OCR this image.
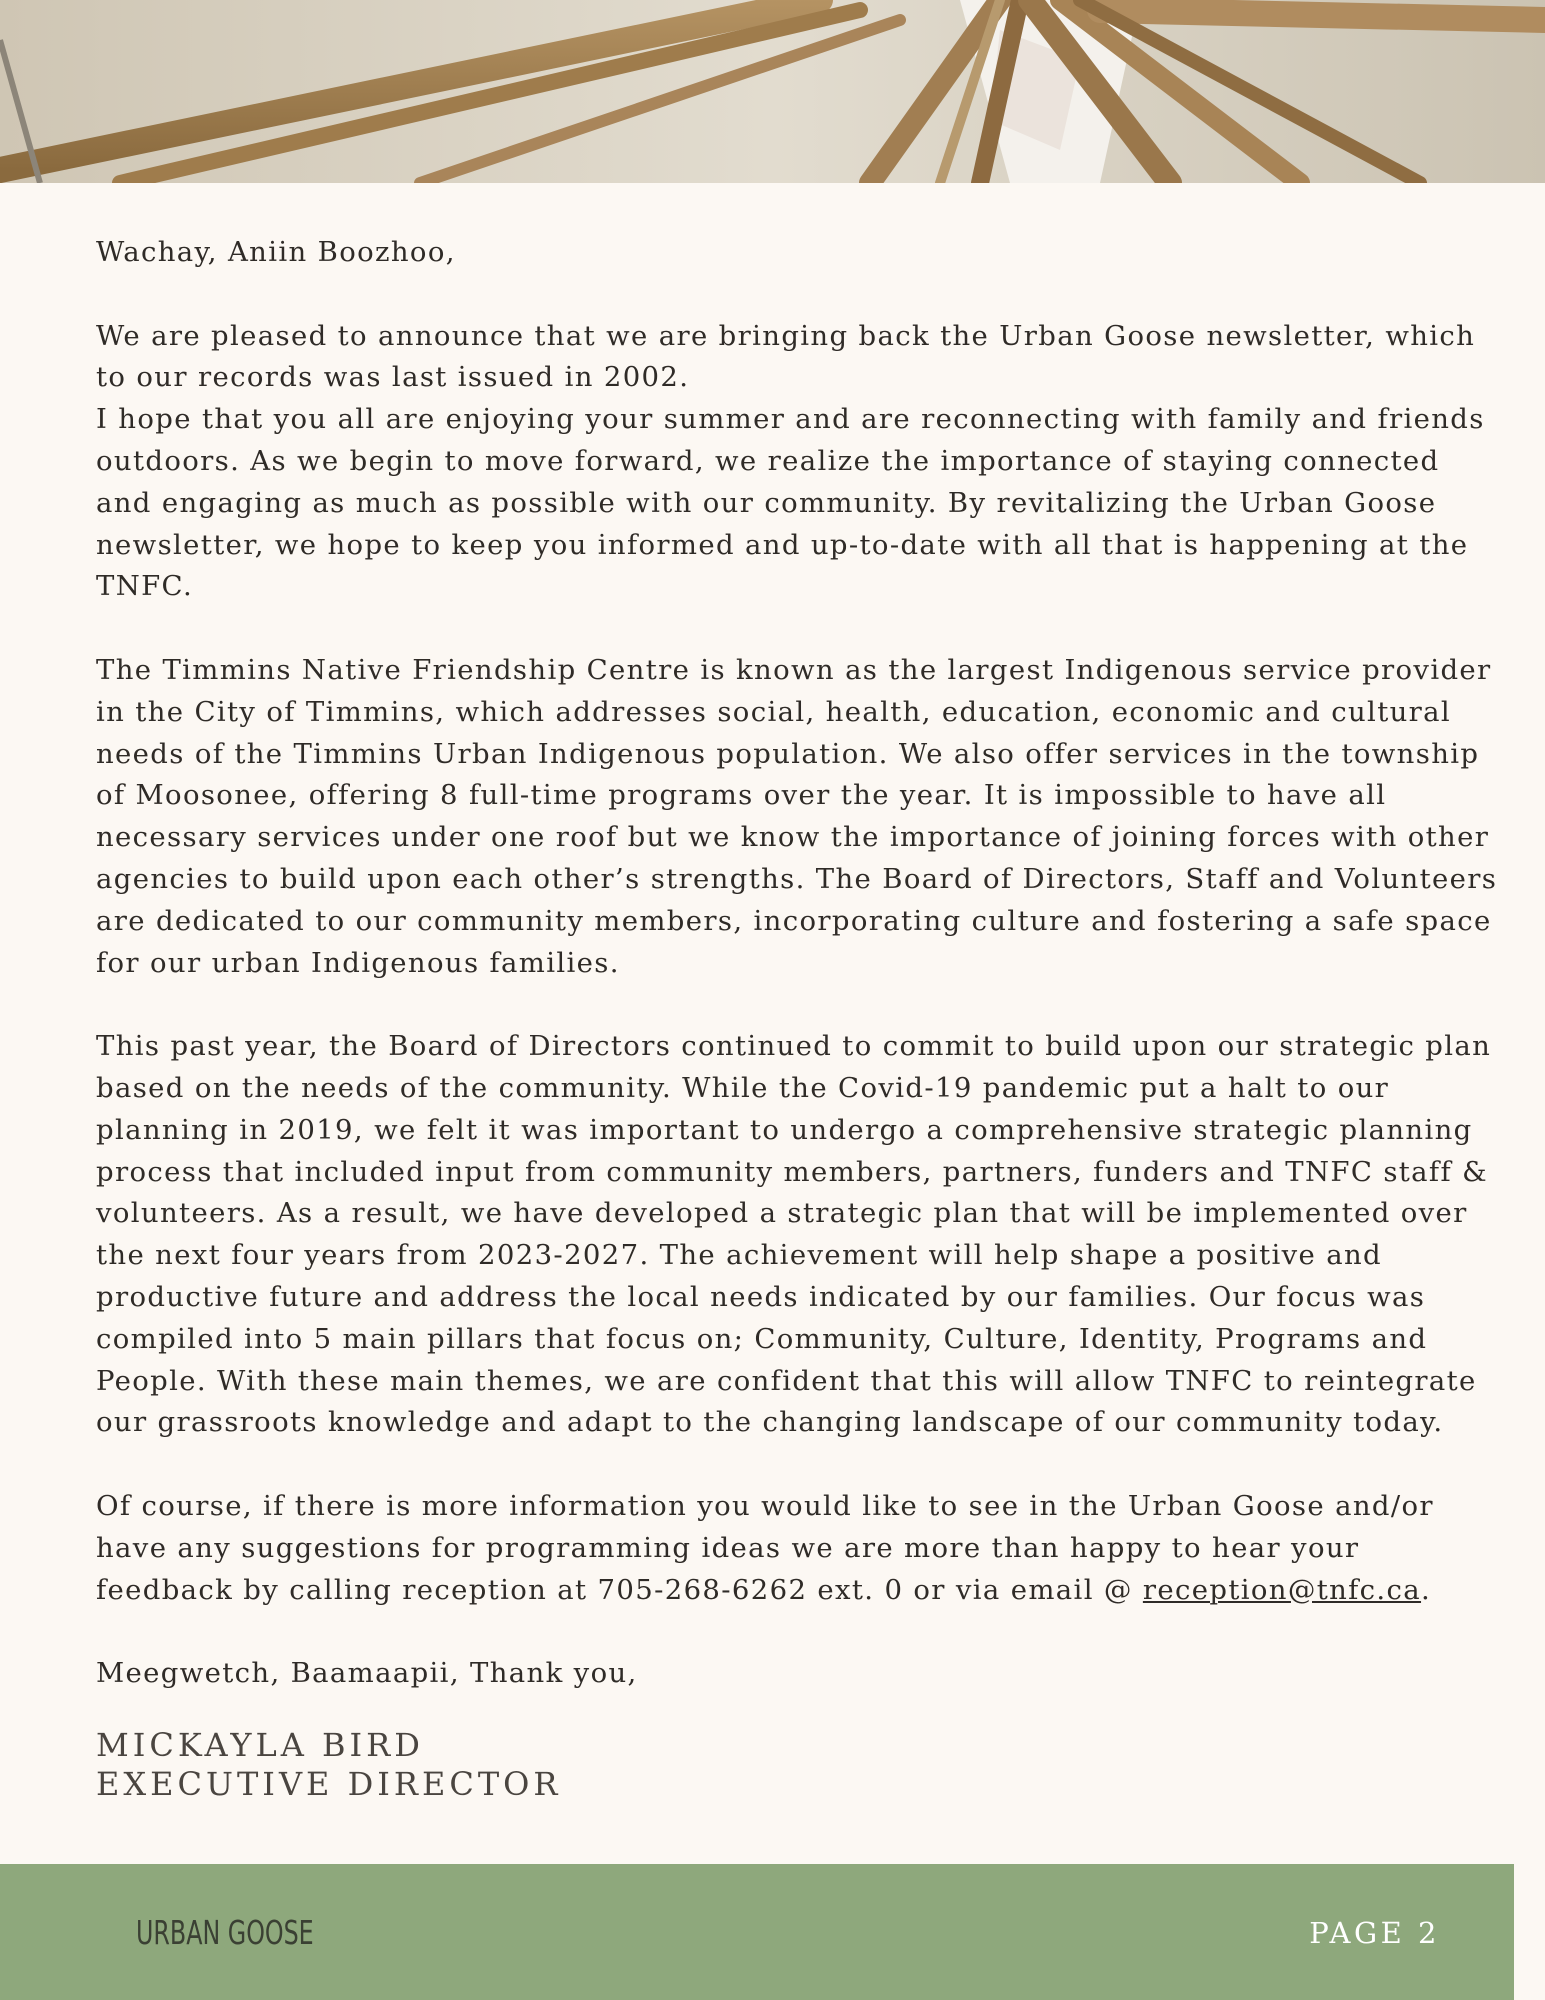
Wachay, Aniin Boozhoo,

We are pleased to announce that we are bringing back the Urban Goose newsletter, which

to our records was last issued in 2002.

I hope that you all are enjoying your summer and are reconnecting with family and friends

outdoors. As we begin to move forward, we realize the importance of staying connected

and engaging as much as possible with our community. By revitalizing the Urban Goose

newsletter, we hope to keep you informed and up-to-date with all that is happening at the

TNFC.

The Timmins Native Friendship Centre is known as the largest Indigenous service provider

in the City of Timmins, which addresses social, health, education, economic and cultural

needs of the Timmins Urban Indigenous population. We also offer services in the township

of Moosonee, offering 8 full-time programs over the year. It is impossible to have all

necessary services under one roof but we know the importance of joining forces with other

agencies to build upon each other’s strengths. The Board of Directors, Staff and Volunteers

are dedicated to our community members, incorporating culture and fostering a safe space

for our urban Indigenous families.

This past year, the Board of Directors continued to commit to build upon our strategic plan

based on the needs of the community. While the Covid-19 pandemic put a halt to our

planning in 2019, we felt it was important to undergo a comprehensive strategic planning

process that included input from community members, partners, funders and TNFC staff &

volunteers. As a result, we have developed a strategic plan that will be implemented over

the next four years from 2023-2027. The achievement will help shape a positive and

productive future and address the local needs indicated by our families. Our focus was

compiled into 5 main pillars that focus on; Community, Culture, Identity, Programs and

People. With these main themes, we are confident that this will allow TNFC to reintegrate

our grassroots knowledge and adapt to the changing landscape of our community today.

Of course, if there is more information you would like to see in the Urban Goose and/or

have any suggestions for programming ideas we are more than happy to hear your

feedback by calling reception at 705-268-6262 ext. 0 or via email @ reception@tnfc.ca.

Meegwetch, Baamaapii, Thank you,

MICKAYLA BIRD
EXECUTIVE DIRECTOR
URBAN GOOSE	PAGE 2
